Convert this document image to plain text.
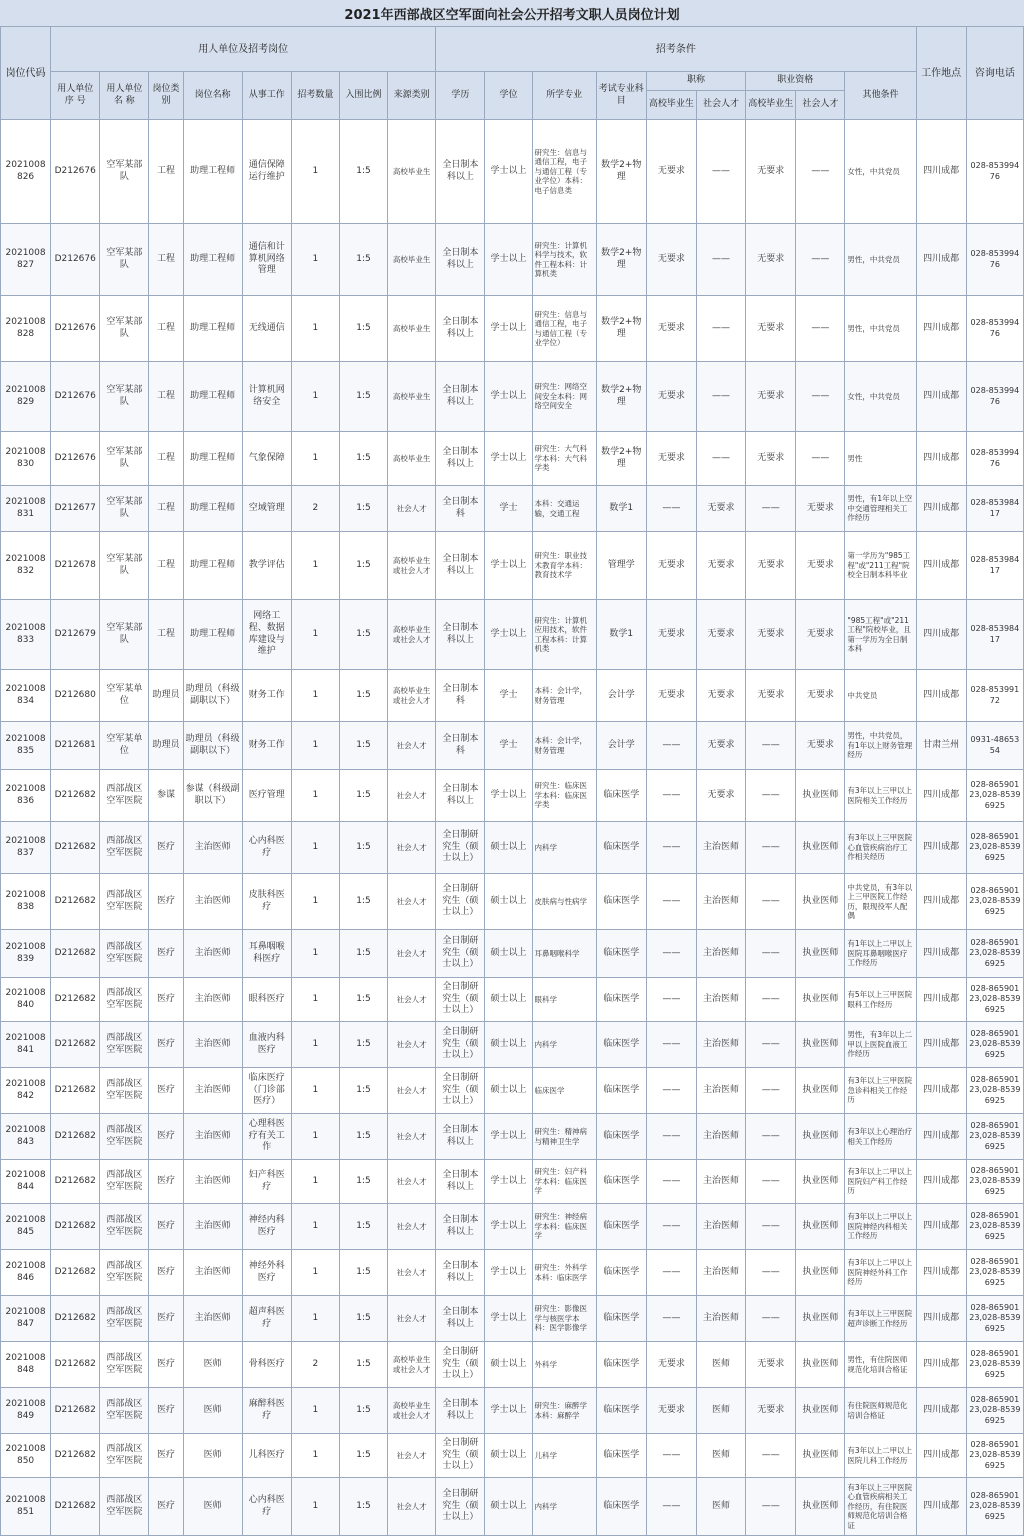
2021年西部战区空军面向社会公开招考文职人员岗位计划
岗位代码	用人单位及招考岗位								招考条件									工作地点	咨询电话
	用人单位序 号	用人单位名 称	岗位类别	岗位名称	从事工作	招考数量	入围比例	来源类别	学历	学位	所学专业	考试专业科 目	职称		职业资格		其他条件		
													高校毕业生	社会人才	高校毕业生	社会人才			
2021008826	D212676	空军某部队	工程	助理工程师	通信保障运行维护	1	1:5	高校毕业生	全日制本科以上	学士以上	研究生：信息与通信工程，电子与通信工程（专业学位）本科：电子信息类	数学2+物理	无要求	——	无要求	——	女性，中共党员	四川成都	028-85399476
2021008827	D212676	空军某部队	工程	助理工程师	通信和计算机网络管理	1	1:5	高校毕业生	全日制本科以上	学士以上	研究生：计算机科学与技术，软件工程本科：计算机类	数学2+物理	无要求	——	无要求	——	男性，中共党员	四川成都	028-85399476
2021008828	D212676	空军某部队	工程	助理工程师	无线通信	1	1:5	高校毕业生	全日制本科以上	学士以上	研究生：信息与通信工程，电子与通信工程（专业学位）	数学2+物理	无要求	——	无要求	——	男性，中共党员	四川成都	028-85399476
2021008829	D212676	空军某部队	工程	助理工程师	计算机网络安全	1	1:5	高校毕业生	全日制本科以上	学士以上	研究生：网络空间安全本科：网络空间安全	数学2+物理	无要求	——	无要求	——	女性，中共党员	四川成都	028-85399476
2021008830	D212676	空军某部队	工程	助理工程师	气象保障	1	1:5	高校毕业生	全日制本科以上	学士以上	研究生：大气科学本科：大气科学类	数学2+物理	无要求	——	无要求	——	男性	四川成都	028-85399476
2021008831	D212677	空军某部队	工程	助理工程师	空域管理	2	1:5	社会人才	全日制本科	学士	本科：交通运输，交通工程	数学1	——	无要求	——	无要求	男性，有1年以上空中交通管理相关工作经历	四川成都	028-85398417
2021008832	D212678	空军某部队	工程	助理工程师	教学评估	1	1:5	高校毕业生或社会人才	全日制本科以上	学士以上	研究生：职业技术教育学本科：教育技术学	管理学	无要求	无要求	无要求	无要求	第一学历为"985工程"或"211工程"院校全日制本科毕业	四川成都	028-85398417
2021008833	D212679	空军某部队	工程	助理工程师	网络工程、数据库建设与维护	1	1:5	高校毕业生或社会人才	全日制本科以上	学士以上	研究生：计算机应用技术，软件工程本科：计算机类	数学1	无要求	无要求	无要求	无要求	"985工程"或"211工程"院校毕业，且第一学历为全日制本科	四川成都	028-85398417
2021008834	D212680	空军某单位	助理员	助理员（科级副职以下）	财务工作	1	1:5	高校毕业生或社会人才	全日制本科	学士	本科：会计学，财务管理	会计学	无要求	无要求	无要求	无要求	中共党员	四川成都	028-85399172
2021008835	D212681	空军某单位	助理员	助理员（科级副职以下）	财务工作	1	1:5	社会人才	全日制本科	学士	本科：会计学，财务管理	会计学	——	无要求	——	无要求	男性，中共党员，有1年以上财务管理经历	甘肃兰州	0931-4865354
2021008836	D212682	西部战区空军医院	参谋	参谋（科级副职以下）	医疗管理	1	1:5	社会人才	全日制本科以上	学士以上	研究生：临床医学本科：临床医学类	临床医学	——	无要求	——	执业医师	有3年以上三甲以上医院相关工作经历	四川成都	028-86590123,028-85396925
2021008837	D212682	西部战区空军医院	医疗	主治医师	心内科医疗	1	1:5	社会人才	全日制研究生（硕士以上）	硕士以上	内科学	临床医学	——	主治医师	——	执业医师	有3年以上三甲医院心血管疾病治疗工作相关经历	四川成都	028-86590123,028-85396925
2021008838	D212682	西部战区空军医院	医疗	主治医师	皮肤科医疗	1	1:5	社会人才	全日制研究生（硕士以上）	硕士以上	皮肤病与性病学	临床医学	——	主治医师	——	执业医师	中共党员，有3年以上三甲医院工作经历，限现役军人配偶	四川成都	028-86590123,028-85396925
2021008839	D212682	西部战区空军医院	医疗	主治医师	耳鼻咽喉科医疗	1	1:5	社会人才	全日制研究生（硕士以上）	硕士以上	耳鼻咽喉科学	临床医学	——	主治医师	——	执业医师	有1年以上二甲以上医院耳鼻咽喉医疗工作经历	四川成都	028-86590123,028-85396925
2021008840	D212682	西部战区空军医院	医疗	主治医师	眼科医疗	1	1:5	社会人才	全日制研究生（硕士以上）	硕士以上	眼科学	临床医学	——	主治医师	——	执业医师	有5年以上三甲医院眼科工作经历	四川成都	028-86590123,028-85396925
2021008841	D212682	西部战区空军医院	医疗	主治医师	血液内科医疗	1	1:5	社会人才	全日制研究生（硕士以上）	硕士以上	内科学	临床医学	——	主治医师	——	执业医师	男性，有3年以上二甲以上医院血液工作经历	四川成都	028-86590123,028-85396925
2021008842	D212682	西部战区空军医院	医疗	主治医师	临床医疗（门诊部医疗）	1	1:5	社会人才	全日制研究生（硕士以上）	硕士以上	临床医学	临床医学	——	主治医师	——	执业医师	有3年以上三甲医院急诊科相关工作经历	四川成都	028-86590123,028-85396925
2021008843	D212682	西部战区空军医院	医疗	主治医师	心理科医疗有关工作	1	1:5	社会人才	全日制本科以上	学士以上	研究生：精神病与精神卫生学	临床医学	——	主治医师	——	执业医师	有3年以上心理治疗相关工作经历	四川成都	028-86590123,028-85396925
2021008844	D212682	西部战区空军医院	医疗	主治医师	妇产科医疗	1	1:5	社会人才	全日制本科以上	学士以上	研究生：妇产科学本科：临床医学	临床医学	——	主治医师	——	执业医师	有3年以上二甲以上医院妇产科工作经历	四川成都	028-86590123,028-85396925
2021008845	D212682	西部战区空军医院	医疗	主治医师	神经内科医疗	1	1:5	社会人才	全日制本科以上	学士以上	研究生：神经病学本科：临床医学	临床医学	——	主治医师	——	执业医师	有3年以上二甲以上医院神经内科相关工作经历	四川成都	028-86590123,028-85396925
2021008846	D212682	西部战区空军医院	医疗	主治医师	神经外科医疗	1	1:5	社会人才	全日制本科以上	学士以上	研究生：外科学本科：临床医学	临床医学	——	主治医师	——	执业医师	有3年以上二甲以上医院神经外科工作经历	四川成都	028-86590123,028-85396925
2021008847	D212682	西部战区空军医院	医疗	主治医师	超声科医疗	1	1:5	社会人才	全日制本科以上	学士以上	研究生：影像医学与核医学本科：医学影像学	临床医学	——	主治医师	——	执业医师	有3年以上三甲医院超声诊断工作经历	四川成都	028-86590123,028-85396925
2021008848	D212682	西部战区空军医院	医疗	医师	骨科医疗	2	1:5	高校毕业生或社会人才	全日制研究生（硕士以上）	硕士以上	外科学	临床医学	无要求	医师	无要求	执业医师	男性，有住院医师规范化培训合格证	四川成都	028-86590123,028-85396925
2021008849	D212682	西部战区空军医院	医疗	医师	麻醉科医疗	1	1:5	高校毕业生或社会人才	全日制本科以上	学士以上	研究生：麻醉学本科：麻醉学	临床医学	无要求	医师	无要求	执业医师	有住院医师规范化培训合格证	四川成都	028-86590123,028-85396925
2021008850	D212682	西部战区空军医院	医疗	医师	儿科医疗	1	1:5	社会人才	全日制研究生（硕士以上）	硕士以上	儿科学	临床医学	——	医师	——	执业医师	有3年以上二甲以上医院儿科工作经历	四川成都	028-86590123,028-85396925
2021008851	D212682	西部战区空军医院	医疗	医师	心内科医疗	1	1:5	社会人才	全日制研究生（硕士以上）	硕士以上	内科学	临床医学	——	医师	——	执业医师	有3年以上三甲医院心血管疾病相关工作经历，有住院医师规范化培训合格证	四川成都	028-86590123,028-85396925
